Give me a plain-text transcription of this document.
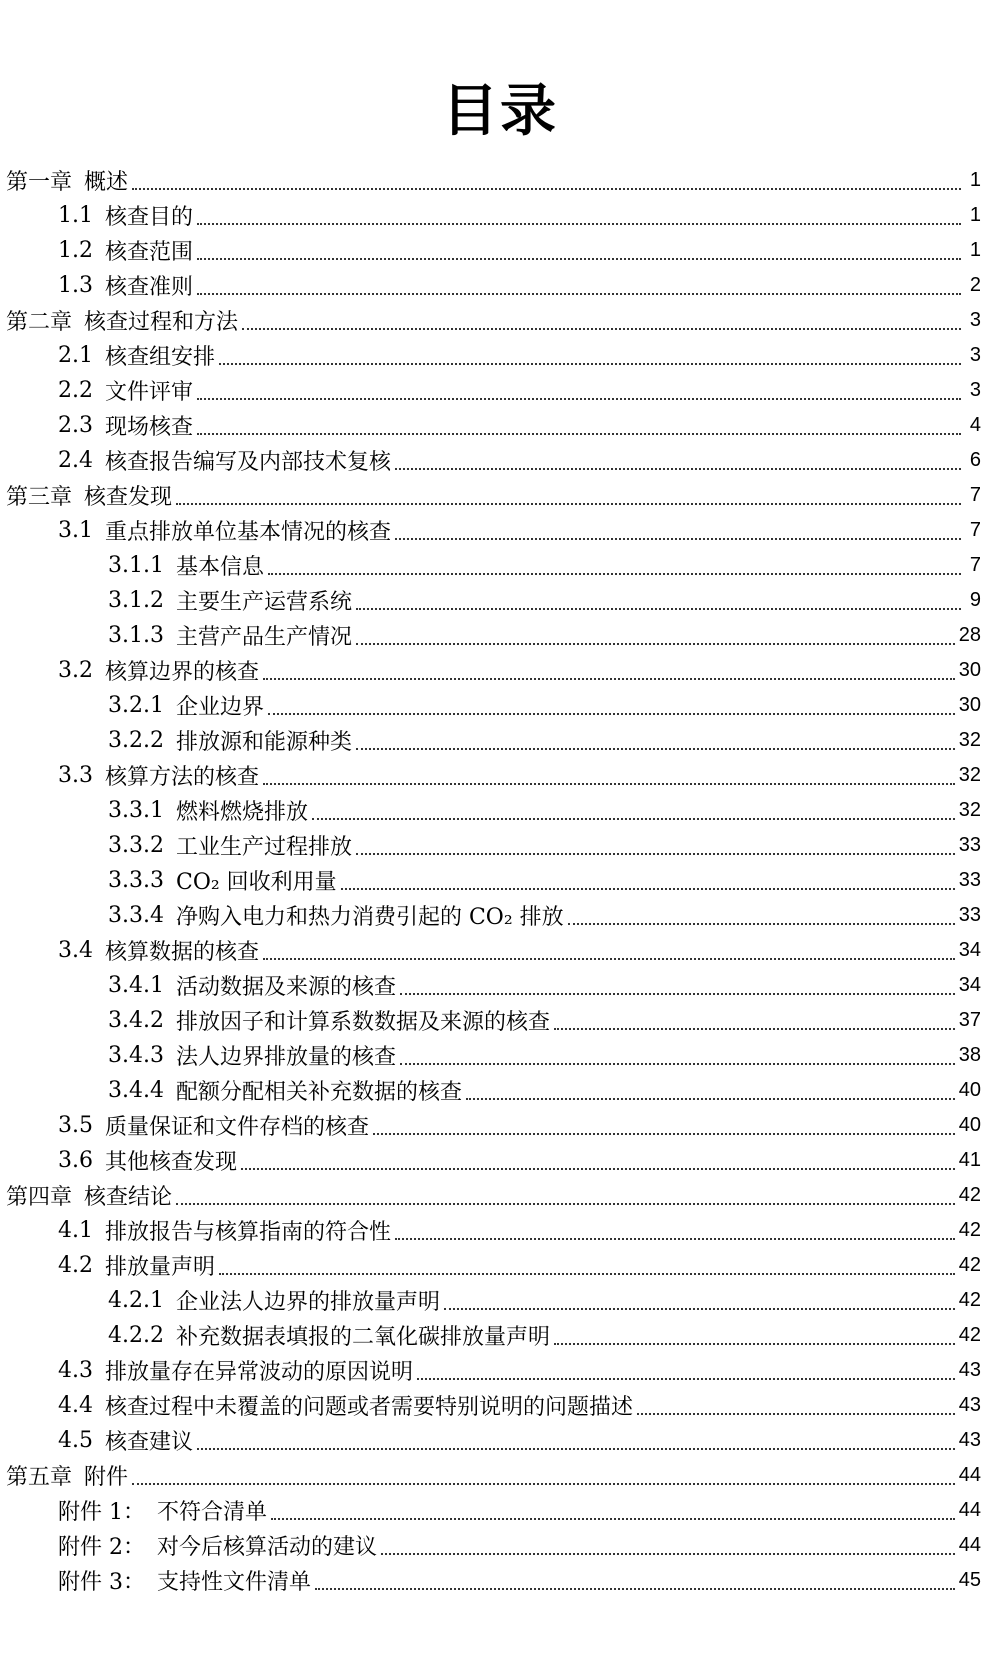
目录
第一章 概述	1
1.1 核查目的	1
1.2 核查范围	1
1.3 核查准则	2
第二章 核查过程和方法	3
2.1 核查组安排	3
2.2 文件评审	3
2.3 现场核查	4
2.4 核查报告编写及内部技术复核	6
第三章 核查发现	7
3.1 重点排放单位基本情况的核查	7
3.1.1 基本信息	7
3.1.2 主要生产运营系统	9
3.1.3 主营产品生产情况	28
3.2 核算边界的核查	30
3.2.1 企业边界	30
3.2.2 排放源和能源种类	32
3.3 核算方法的核查	32
3.3.1 燃料燃烧排放	32
3.3.2 工业生产过程排放	33
3.3.3 CO₂ 回收利用量	33
3.3.4 净购入电力和热力消费引起的 CO₂ 排放	33
3.4 核算数据的核查	34
3.4.1 活动数据及来源的核查	34
3.4.2 排放因子和计算系数数据及来源的核查	37
3.4.3 法人边界排放量的核查	38
3.4.4 配额分配相关补充数据的核查	40
3.5 质量保证和文件存档的核查	40
3.6 其他核查发现	41
第四章 核查结论	42
4.1 排放报告与核算指南的符合性	42
4.2 排放量声明	42
4.2.1 企业法人边界的排放量声明	42
4.2.2 补充数据表填报的二氧化碳排放量声明	42
4.3 排放量存在异常波动的原因说明	43
4.4 核查过程中未覆盖的问题或者需要特别说明的问题描述	43
4.5 核查建议	43
第五章 附件	44
附件 1： 不符合清单	44
附件 2： 对今后核算活动的建议	44
附件 3： 支持性文件清单	45
